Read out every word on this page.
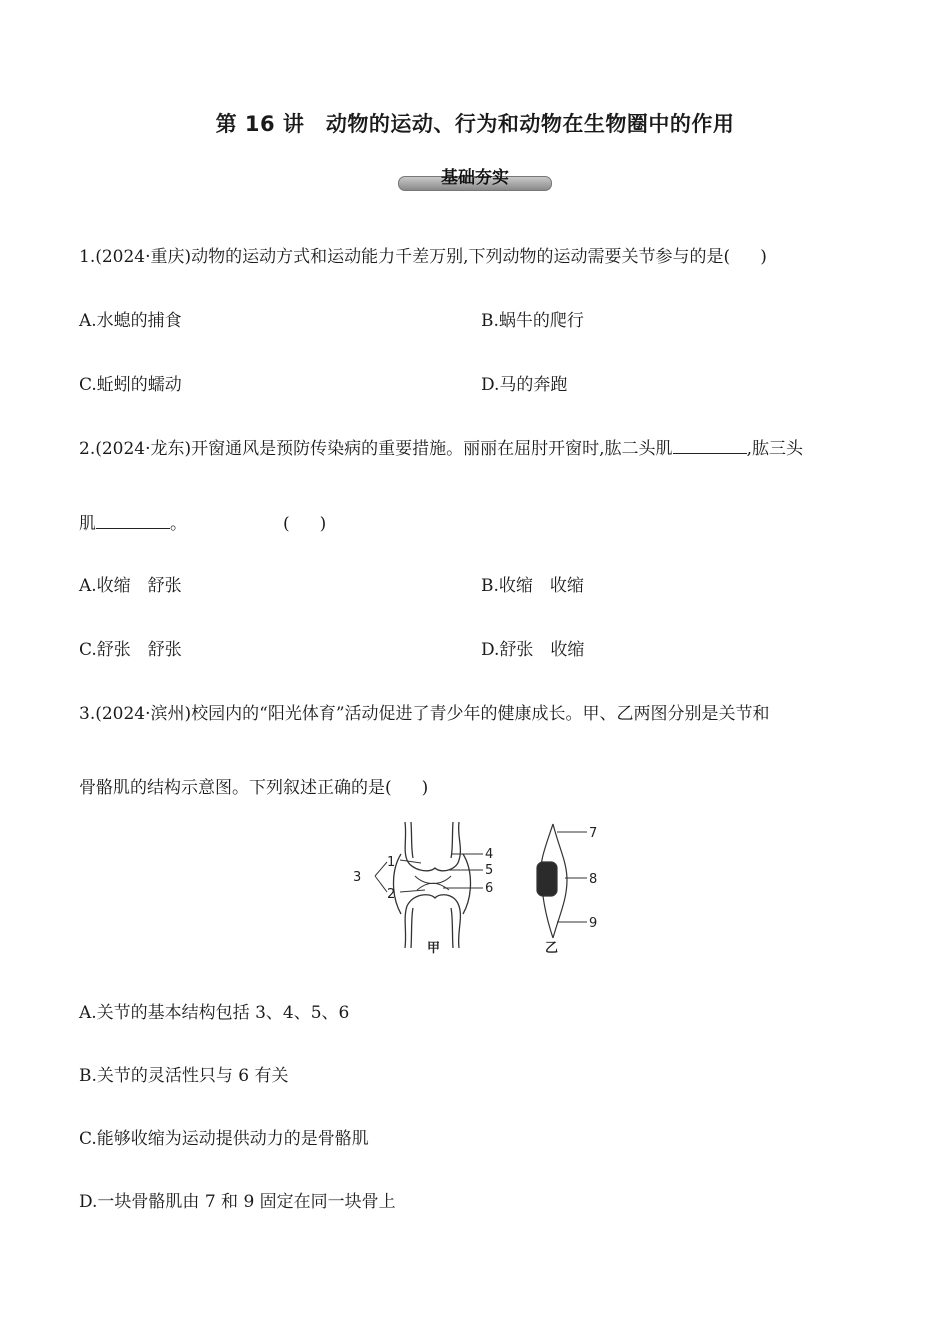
第 16 讲　动物的运动、行为和动物在生物圈中的作用
基础夯实
1.(2024·重庆)动物的运动方式和运动能力千差万别,下列动物的运动需要关节参与的是( )
A.水螅的捕食	B.蜗牛的爬行
C.蚯蚓的蠕动	D.马的奔跑
2.(2024·龙东)开窗通风是预防传染病的重要措施。丽丽在屈肘开窗时,肱二头肌	,肱三头
肌	。	( )
A.收缩　舒张	B.收缩　收缩
C.舒张　舒张	D.舒张　收缩
3.(2024·滨州)校园内的“阳光体育”活动促进了青少年的健康成长。甲、乙两图分别是关节和
骨骼肌的结构示意图。下列叙述正确的是( )
1
2
3
4
5
6
甲
7
8
9
乙
A.关节的基本结构包括 3、4、5、6
B.关节的灵活性只与 6 有关
C.能够收缩为运动提供动力的是骨骼肌
D.一块骨骼肌由 7 和 9 固定在同一块骨上
